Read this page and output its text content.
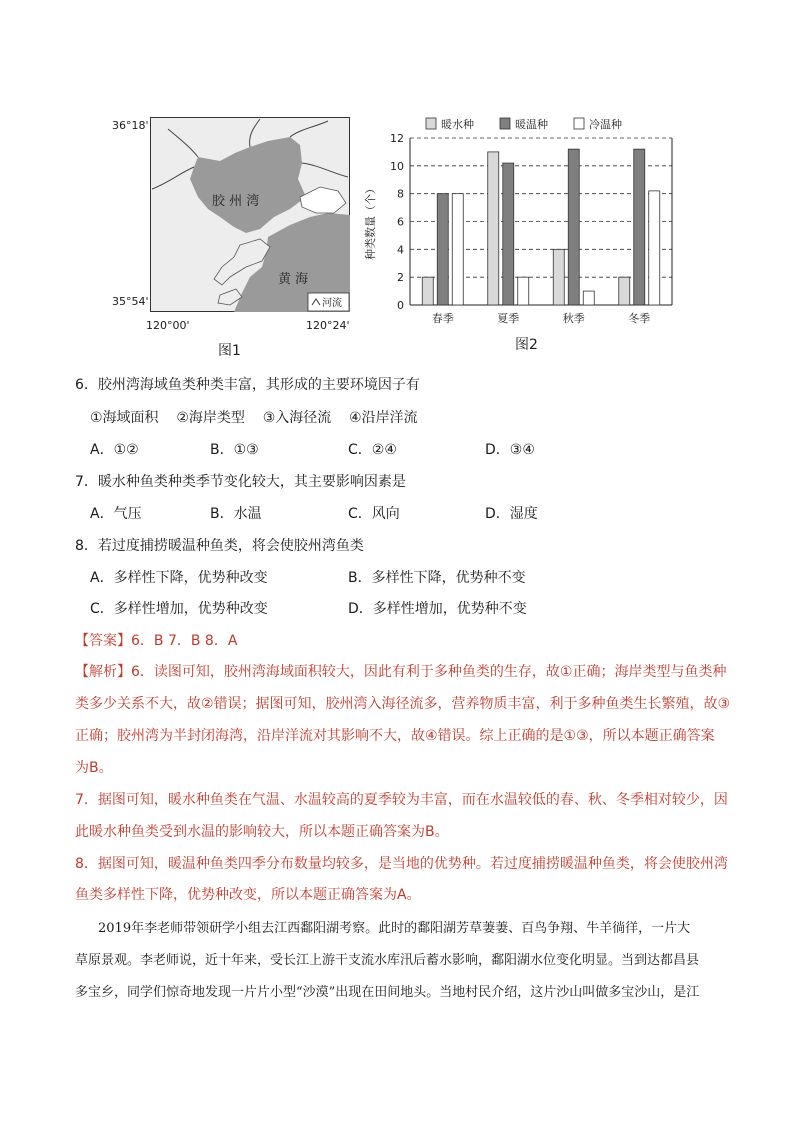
胶 州 湾
黄 海
河流
36°18'
35°54'
120°00'	120°24'
图1
0
2
4
6
8
10
12
种类数量（个）
春季	夏季	秋季	冬季
暖水种	暖温种	冷温种
图2
6．胶州湾海域鱼类种类丰富，其形成的主要环境因子有
①海域面积    ②海岸类型    ③入海径流    ④沿岸洋流
A．①②	B．①③	C．②④	D．③④
7．暖水种鱼类种类季节变化较大，其主要影响因素是
A．气压	B．水温	C．风向	D．湿度
8．若过度捕捞暖温种鱼类，将会使胶州湾鱼类
A．多样性下降，优势种改变	B．多样性下降，优势种不变
C．多样性增加，优势种改变	D．多样性增加，优势种不变
【答案】6．B 7．B 8．A
【解析】6．读图可知，胶州湾海域面积较大，因此有利于多种鱼类的生存，故①正确；海岸类型与鱼类种
类多少关系不大，故②错误；据图可知，胶州湾入海径流多，营养物质丰富，利于多种鱼类生长繁殖，故③
正确；胶州湾为半封闭海湾，沿岸洋流对其影响不大，故④错误。综上正确的是①③，所以本题正确答案
为B。
7．据图可知，暖水种鱼类在气温、水温较高的夏季较为丰富，而在水温较低的春、秋、冬季相对较少，因
此暖水种鱼类受到水温的影响较大，所以本题正确答案为B。
8．据图可知，暖温种鱼类四季分布数量均较多，是当地的优势种。若过度捕捞暖温种鱼类，将会使胶州湾
鱼类多样性下降，优势种改变，所以本题正确答案为A。
2019年李老师带领研学小组去江西鄱阳湖考察。此时的鄱阳湖芳草萋萋、百鸟争翔、牛羊徜徉，一片大
草原景观。李老师说，近十年来，受长江上游干支流水库汛后蓄水影响，鄱阳湖水位变化明显。当到达都昌县
多宝乡，同学们惊奇地发现一片片小型“沙漠”出现在田间地头。当地村民介绍，这片沙山叫做多宝沙山，是江
